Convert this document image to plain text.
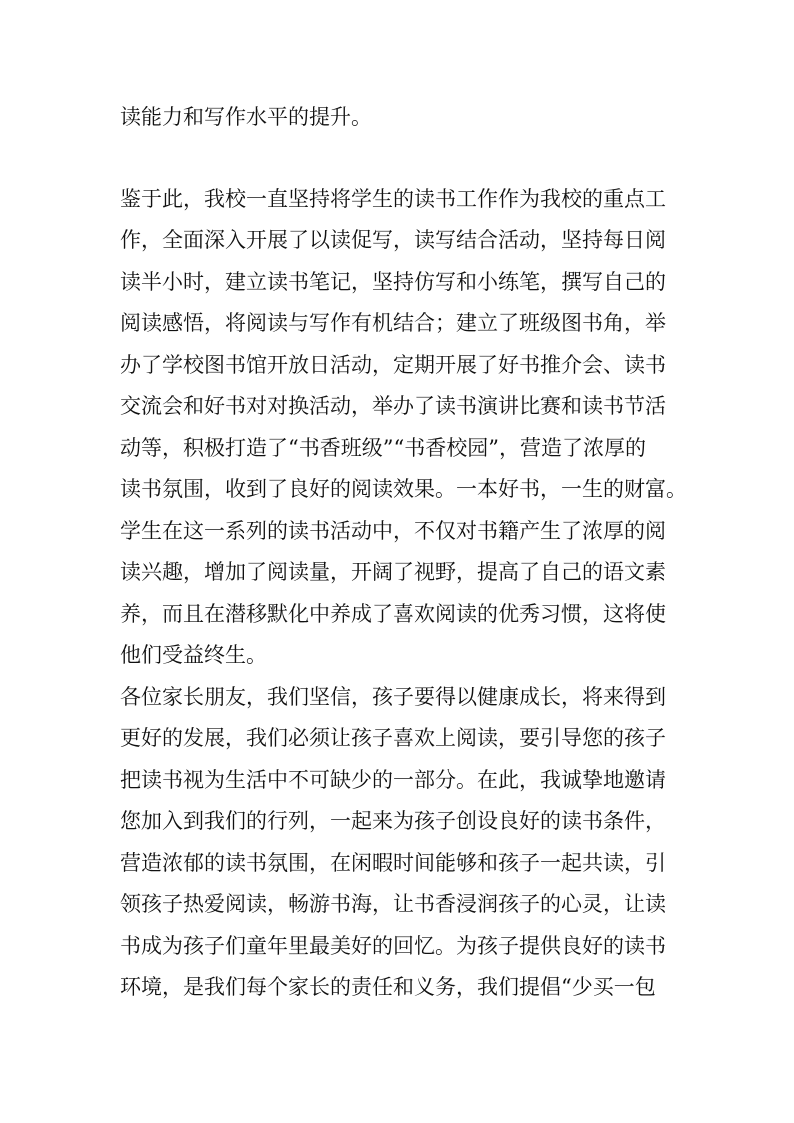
读能力和写作水平的提升。
鉴于此，我校一直坚持将学生的读书工作作为我校的重点工
作，全面深入开展了以读促写，读写结合活动，坚持每日阅
读半小时，建立读书笔记，坚持仿写和小练笔，撰写自己的
阅读感悟，将阅读与写作有机结合；建立了班级图书角，举
办了学校图书馆开放日活动，定期开展了好书推介会、读书
交流会和好书对对换活动，举办了读书演讲比赛和读书节活
动等，积极打造了“书香班级”“书香校园”，营造了浓厚的
读书氛围，收到了良好的阅读效果。一本好书，一生的财富。
学生在这一系列的读书活动中，不仅对书籍产生了浓厚的阅
读兴趣，增加了阅读量，开阔了视野，提高了自己的语文素
养，而且在潜移默化中养成了喜欢阅读的优秀习惯，这将使
他们受益终生。
各位家长朋友，我们坚信，孩子要得以健康成长，将来得到
更好的发展，我们必须让孩子喜欢上阅读，要引导您的孩子
把读书视为生活中不可缺少的一部分。在此，我诚挚地邀请
您加入到我们的行列，一起来为孩子创设良好的读书条件，
营造浓郁的读书氛围，在闲暇时间能够和孩子一起共读，引
领孩子热爱阅读，畅游书海，让书香浸润孩子的心灵，让读
书成为孩子们童年里最美好的回忆。为孩子提供良好的读书
环境，是我们每个家长的责任和义务，我们提倡“少买一包
